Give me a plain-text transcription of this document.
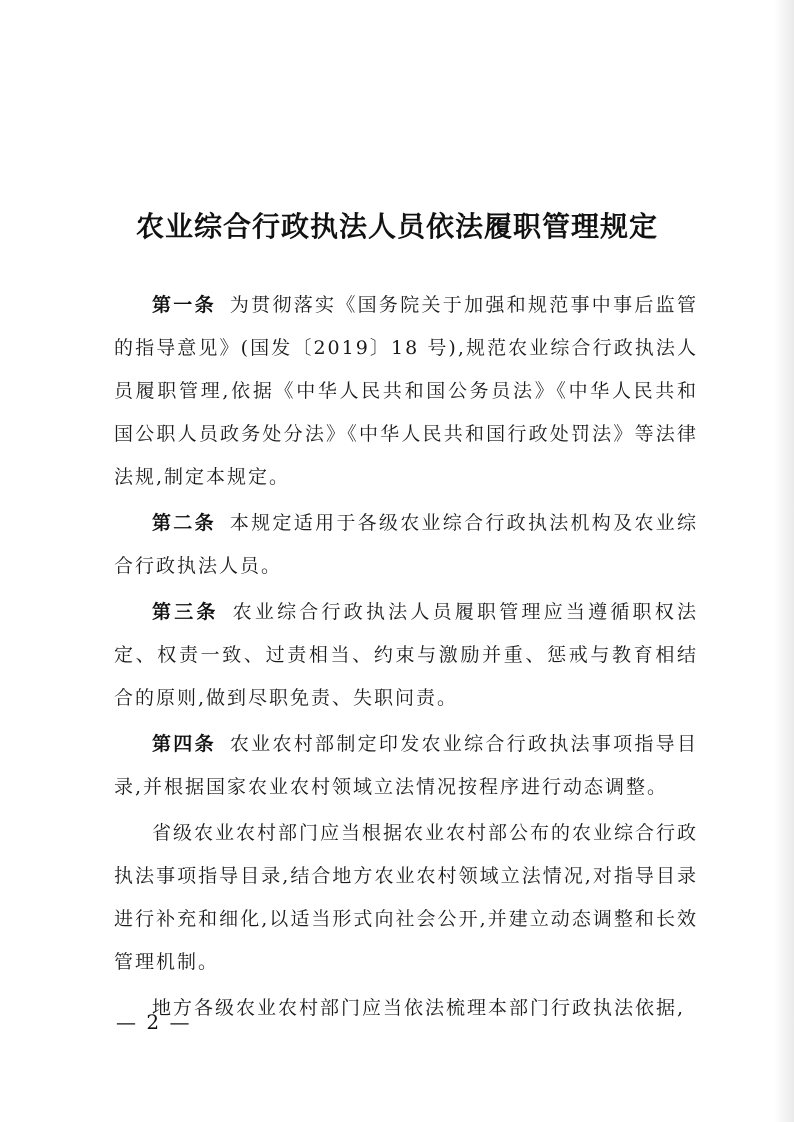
农业综合行政执法人员依法履职管理规定

第一条 为贯彻落实《国务院关于加强和规范事中事后监管的指导意见》(国发〔2019〕18 号),规范农业综合行政执法人员履职管理,依据《中华人民共和国公务员法》《中华人民共和国公职人员政务处分法》《中华人民共和国行政处罚法》等法律法规,制定本规定。

第二条 本规定适用于各级农业综合行政执法机构及农业综合行政执法人员。

第三条 农业综合行政执法人员履职管理应当遵循职权法定、权责一致、过责相当、约束与激励并重、惩戒与教育相结合的原则,做到尽职免责、失职问责。

第四条 农业农村部制定印发农业综合行政执法事项指导目录,并根据国家农业农村领域立法情况按程序进行动态调整。

省级农业农村部门应当根据农业农村部公布的农业综合行政执法事项指导目录,结合地方农业农村领域立法情况,对指导目录进行补充和细化,以适当形式向社会公开,并建立动态调整和长效管理机制。

地方各级农业农村部门应当依法梳理本部门行政执法依据,

— 2 —
